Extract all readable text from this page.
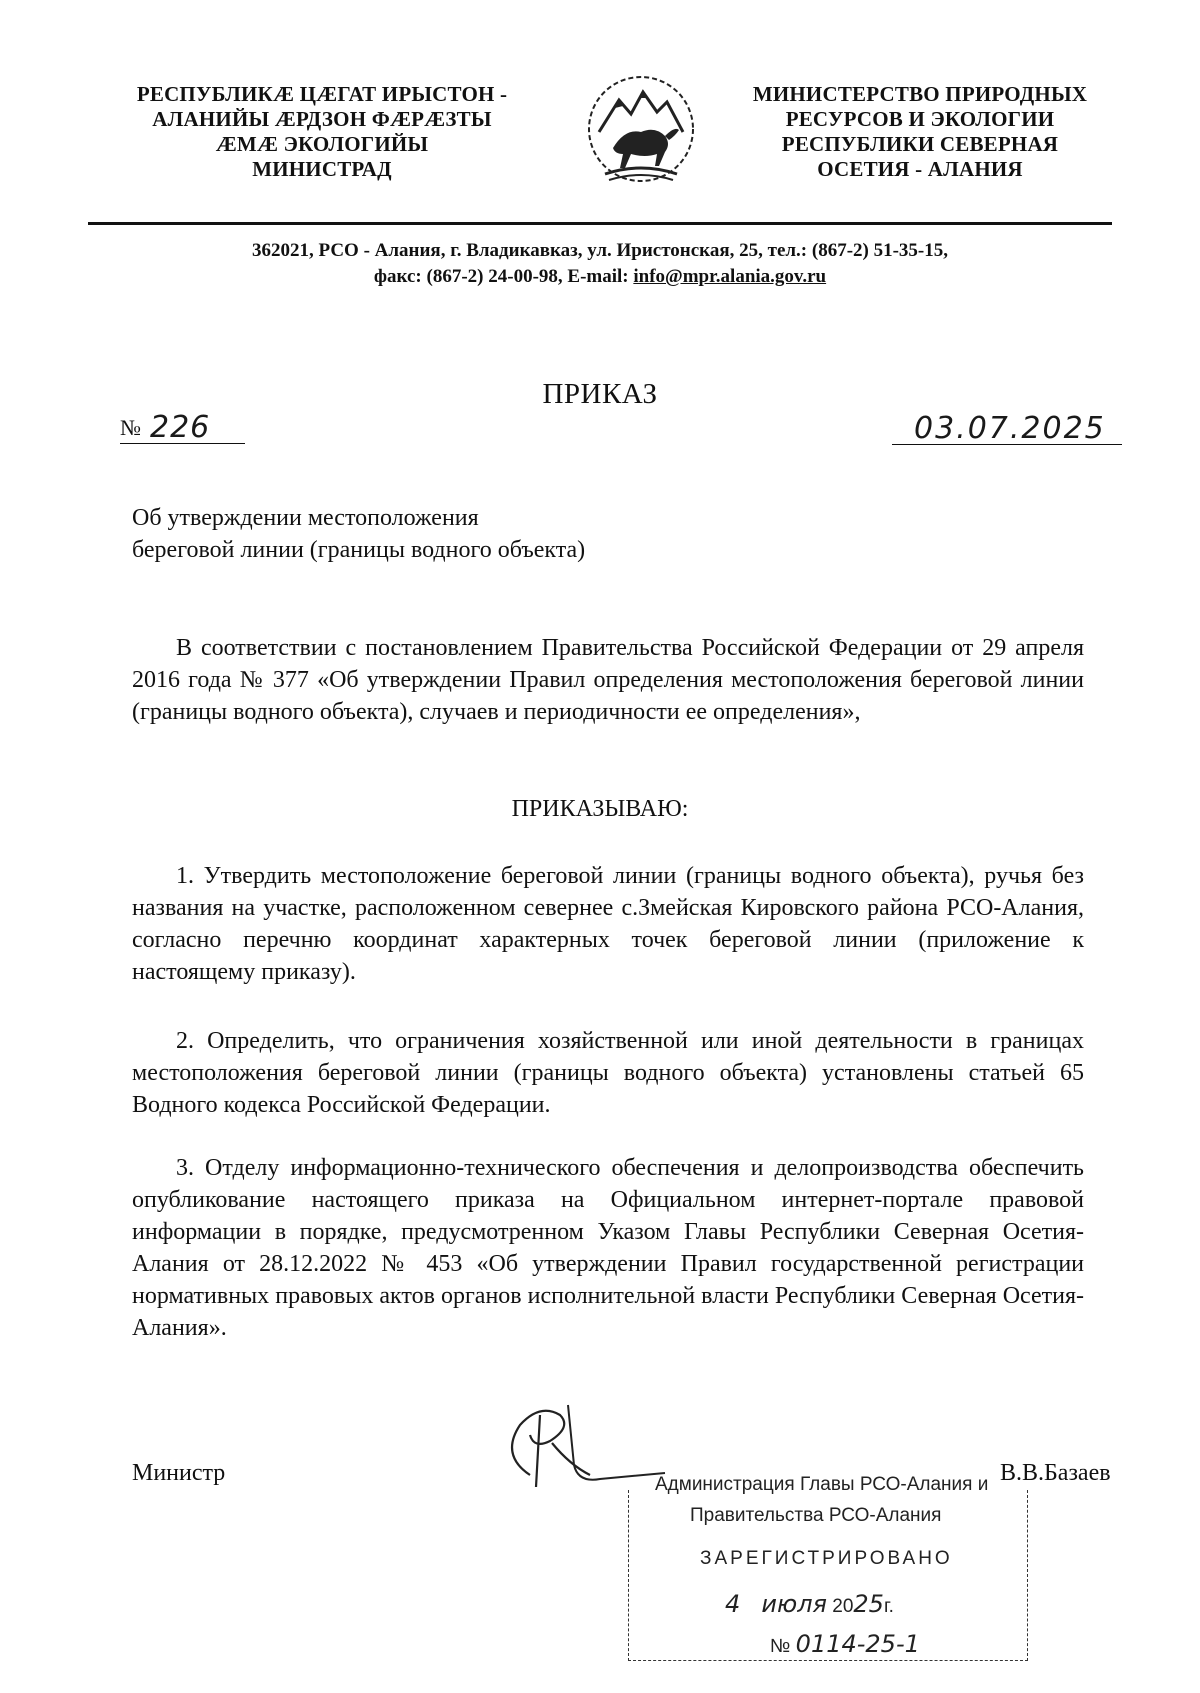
РЕСПУБЛИКӔ ЦӔГАТ ИРЫСТОН -
АЛАНИЙЫ ӔРДЗОН ФӔРӔЗТЫ
ӔМӔ ЭКОЛОГИЙЫ
МИНИСТРАД
МИНИСТЕРСТВО ПРИРОДНЫХ
РЕСУРСОВ И ЭКОЛОГИИ
РЕСПУБЛИКИ СЕВЕРНАЯ
ОСЕТИЯ - АЛАНИЯ
362021, РСО - Алания, г. Владикавказ, ул. Иристонская, 25, тел.: (867-2) 51-35-15,
факс: (867-2) 24-00-98, E-mail: info@mpr.alania.gov.ru
ПРИКАЗ
№ 226	03.07.2025
Об утверждении местоположения
береговой линии (границы водного объекта)

В соответствии с постановлением Правительства Российской Федерации от 29 апреля 2016 года № 377 «Об утверждении Правил определения местоположения береговой линии (границы водного объекта), случаев и периодичности ее определения»,

ПРИКАЗЫВАЮ:

1. Утвердить местоположение береговой линии (границы водного объекта), ручья без названия на участке, расположенном севернее с.Змейская Кировского района РСО-Алания, согласно перечню координат характерных точек береговой линии (приложение к настоящему приказу).

2. Определить, что ограничения хозяйственной или иной деятельности в границах местоположения береговой линии (границы водного объекта) установлены статьей 65 Водного кодекса Российской Федерации.

3. Отделу информационно-технического обеспечения и делопроизводства обеспечить опубликование настоящего приказа на Официальном интернет-портале правовой информации в порядке, предусмотренном Указом Главы Республики Северная Осетия-Алания от 28.12.2022 № 453 «Об утверждении Правил государственной регистрации нормативных правовых актов органов исполнительной власти Республики Северная Осетия-Алания».

Министр	В.В.Базаев
Администрация Главы РСО-Алания и
Правительства РСО-Алания
ЗАРЕГИСТРИРОВАНО
4 июля 2025г.
№ 0114-25-1
